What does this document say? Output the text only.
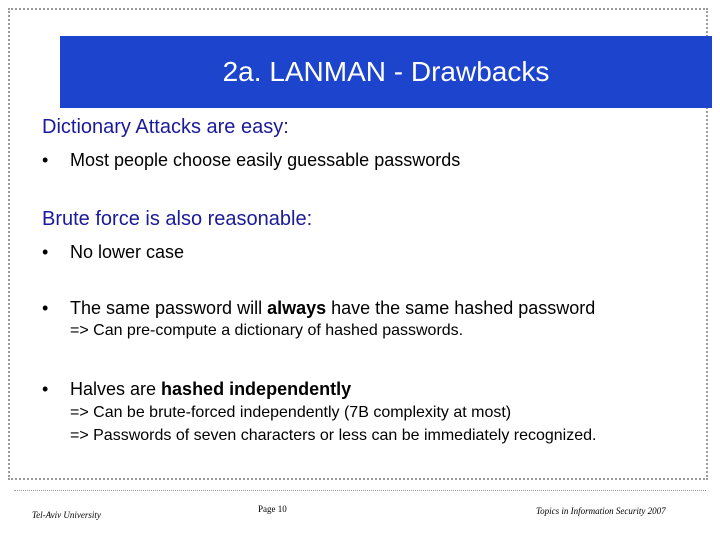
2a. LANMAN - Drawbacks
Dictionary Attacks are easy:
• Most people choose easily guessable passwords
Brute force is also reasonable:
• No lower case
• The same password will always have the same hashed password
=> Can pre-compute a dictionary of hashed passwords.
• Halves are hashed independently
=> Can be brute-forced independently (7B complexity at most)
=> Passwords of seven characters or less can be immediately recognized.
Tel-Aviv University
Page 10	Topics in Information Security 2007
